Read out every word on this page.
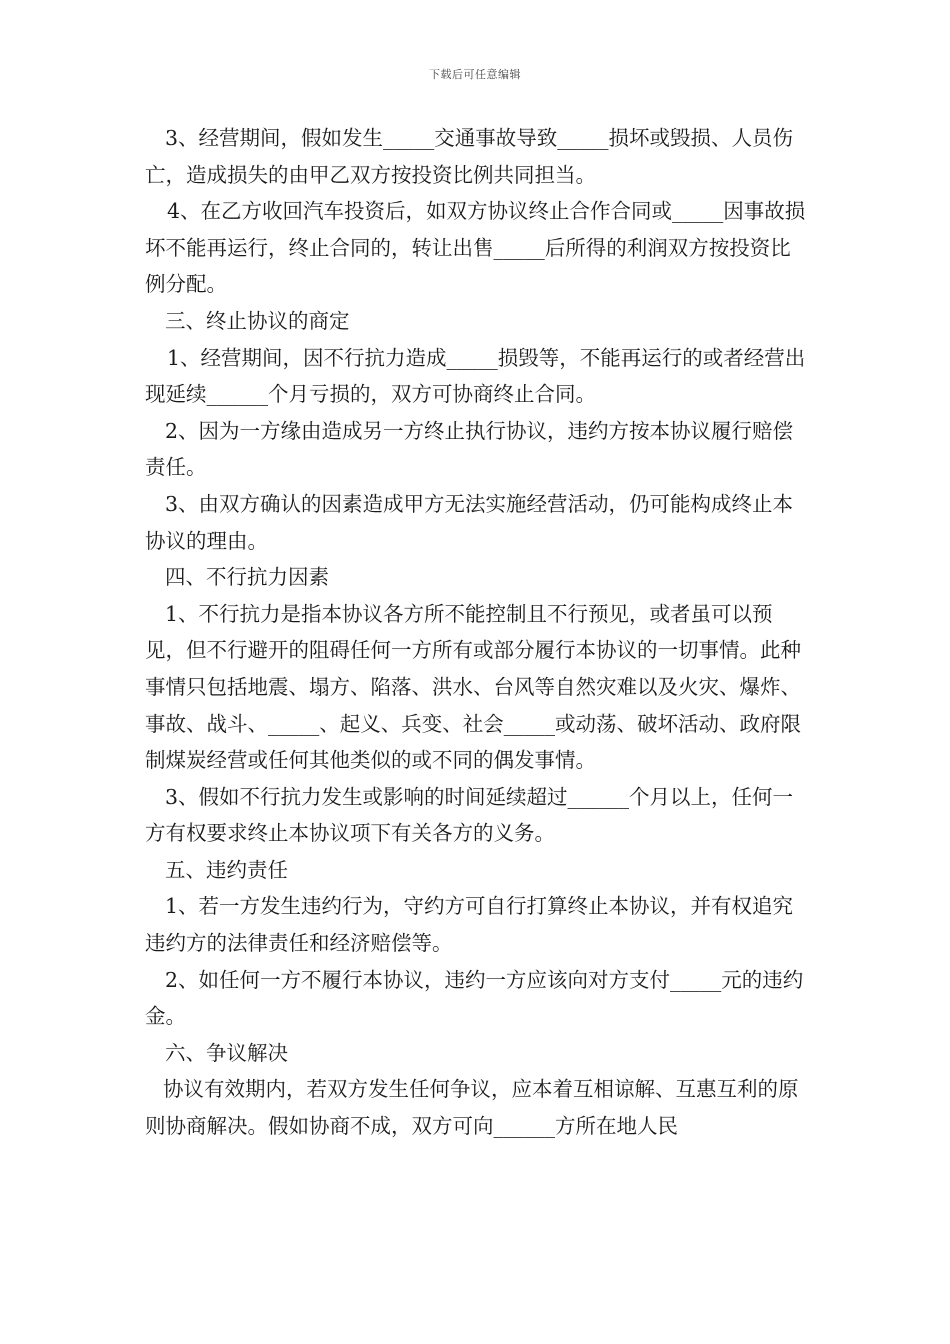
下载后可任意编辑

3、经营期间，假如发生_____交通事故导致_____损坏或毁损、人员伤亡，造成损失的由甲乙双方按投资比例共同担当。

4、在乙方收回汽车投资后，如双方协议终止合作合同或_____因事故损坏不能再运行，终止合同的，转让出售_____后所得的利润双方按投资比例分配。

三、终止协议的商定

1、经营期间，因不行抗力造成_____损毁等，不能再运行的或者经营出现延续______个月亏损的，双方可协商终止合同。

2、因为一方缘由造成另一方终止执行协议，违约方按本协议履行赔偿责任。

3、由双方确认的因素造成甲方无法实施经营活动，仍可能构成终止本协议的理由。

四、不行抗力因素

1、不行抗力是指本协议各方所不能控制且不行预见，或者虽可以预见，但不行避开的阻碍任何一方所有或部分履行本协议的一切事情。此种事情只包括地震、塌方、陷落、洪水、台风等自然灾难以及火灾、爆炸、事故、战斗、_____、起义、兵变、社会_____或动荡、破坏活动、政府限制煤炭经营或任何其他类似的或不同的偶发事情。

3、假如不行抗力发生或影响的时间延续超过______个月以上，任何一方有权要求终止本协议项下有关各方的义务。

五、违约责任

1、若一方发生违约行为，守约方可自行打算终止本协议，并有权追究违约方的法律责任和经济赔偿等。

2、如任何一方不履行本协议，违约一方应该向对方支付_____元的违约金。

六、争议解决

协议有效期内，若双方发生任何争议，应本着互相谅解、互惠互利的原则协商解决。假如协商不成，双方可向______方所在地人民
